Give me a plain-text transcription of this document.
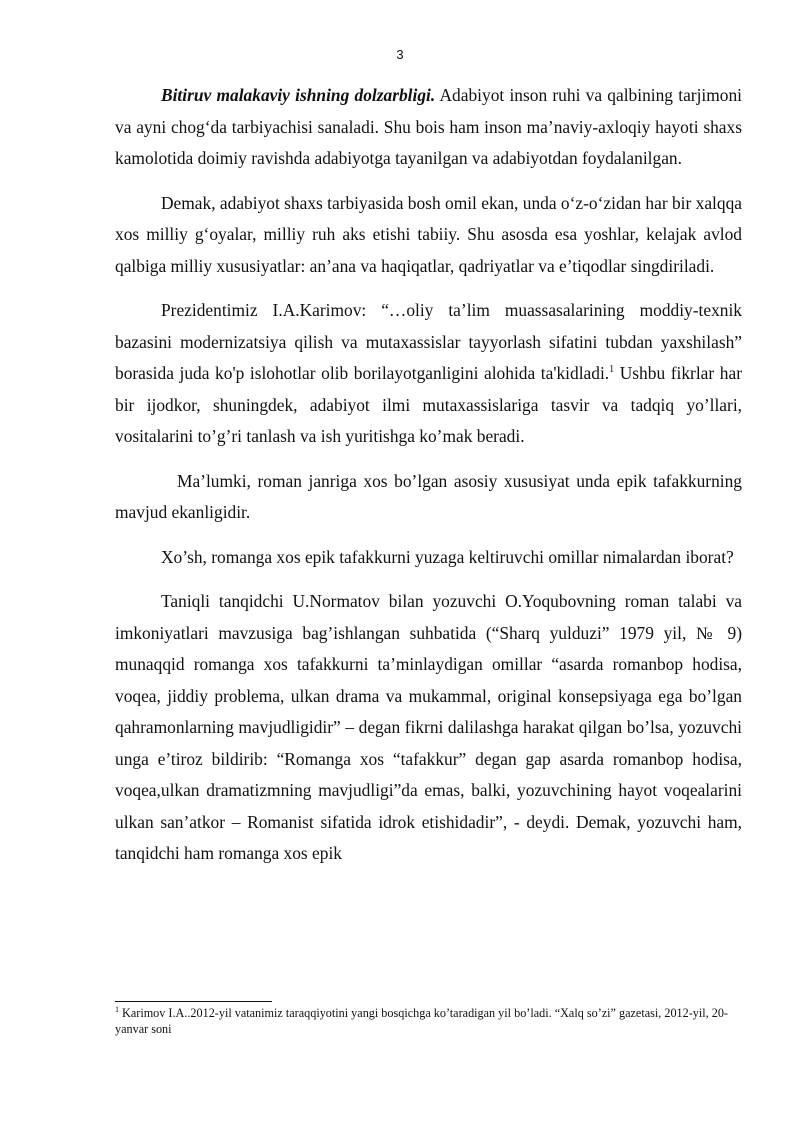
3

Bitiruv malakaviy ishning dolzarbligi. Adabiyot inson ruhi va qalbining tarjimoni va ayni chog‘da tarbiyachisi sanaladi. Shu bois ham inson ma’naviy-axloqiy hayoti shaxs kamolotida doimiy ravishda adabiyotga tayanilgan va adabiyotdan foydalanilgan.

Demak, adabiyot shaxs tarbiyasida bosh omil ekan, unda o‘z-o‘zidan har bir xalqqa xos milliy g‘oyalar, milliy ruh aks etishi tabiiy. Shu asosda esa yoshlar, kelajak avlod qalbiga milliy xususiyatlar: an’ana va haqiqatlar, qadriyatlar va e’tiqodlar singdiriladi.

Prezidentimiz I.A.Karimov: “…oliy ta’lim muassasalarining moddiy-texnik bazasini modernizatsiya qilish va mutaxassislar tayyorlash sifatini tubdan yaxshilash” borasida juda ko'p islohotlar olib borilayotganligini alohida ta'kidladi.$^1$ Ushbu fikrlar har bir ijodkor, shuningdek, adabiyot ilmi mutaxassislariga tasvir va tadqiq yo’llari, vositalarini to’g’ri tanlash va ish yuritishga ko’mak beradi.

Ma’lumki, roman janriga xos bo’lgan asosiy xususiyat unda epik tafakkurning mavjud ekanligidir.

Xo’sh, romanga xos epik tafakkurni yuzaga keltiruvchi omillar nimalardan iborat?

Taniqli tanqidchi U.Normatov bilan yozuvchi O.Yoqubovning roman talabi va imkoniyatlari mavzusiga bag’ishlangan suhbatida (“Sharq yulduzi” 1979 yil, № 9) munaqqid romanga xos tafakkurni ta’minlaydigan omillar “asarda romanbop hodisa, voqea, jiddiy problema, ulkan drama va mukammal, original konsepsiyaga ega bo’lgan qahramonlarning mavjudligidir” – degan fikrni dalilashga harakat qilgan bo’lsa, yozuvchi unga e’tiroz bildirib: “Romanga xos “tafakkur” degan gap asarda romanbop hodisa, voqea,ulkan dramatizmning mavjudligi”da emas, balki, yozuvchining hayot voqealarini ulkan san’atkor – Romanist sifatida idrok etishidadir”, - deydi. Demak, yozuvchi ham, tanqidchi ham romanga xos epik

$^1$ Karimov I.A..2012-yil vatanimiz taraqqiyotini yangi bosqichga ko’taradigan yil bo’ladi. “Xalq so’zi” gazetasi, 2012-yil, 20-yanvar soni
